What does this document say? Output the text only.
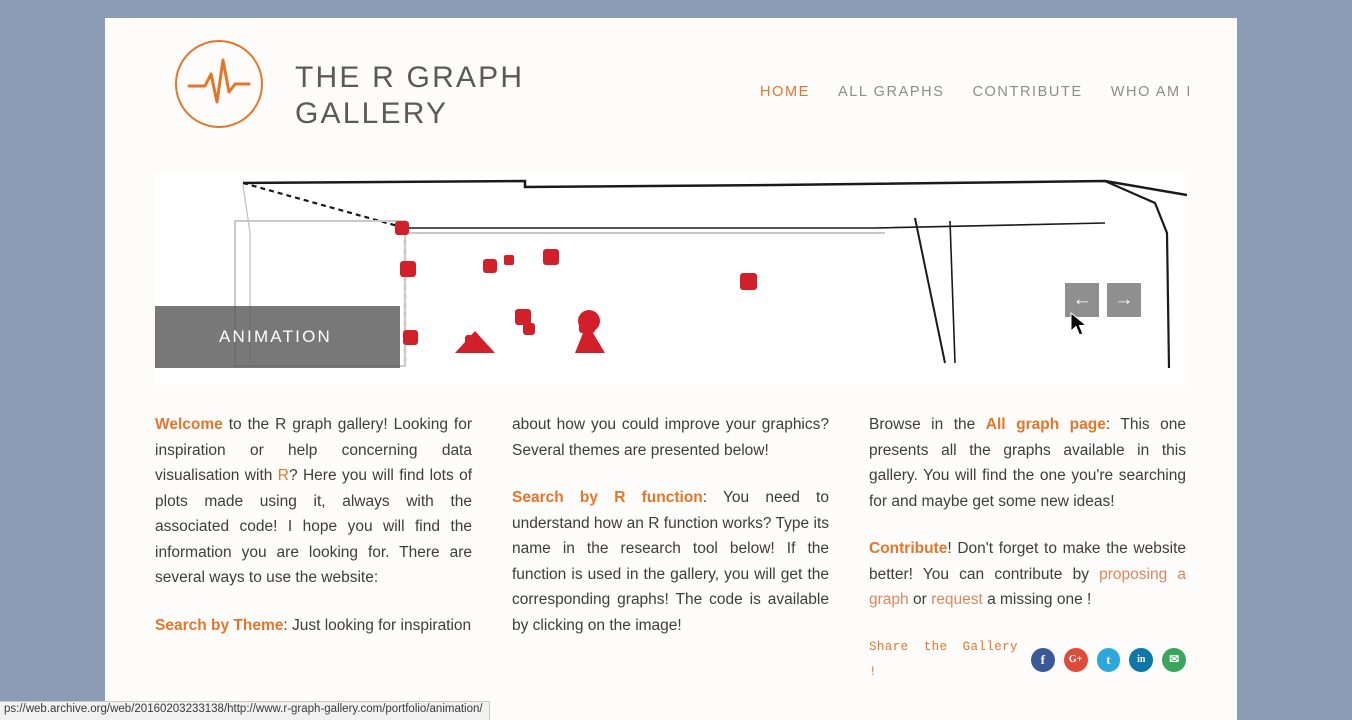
THE R GRAPH
GALLERY
HOME ALL GRAPHS CONTRIBUTE WHO AM I
ANIMATION
←	→

Welcome to the R graph gallery! Looking for inspiration or help concerning data visualisation with R? Here you will find lots of plots made using it, always with the associated code! I hope you will find the information you are looking for. There are several ways to use the website:

Search by Theme: Just looking for inspiration

about how you could improve your graphics? Several themes are presented below!

Search by R function: You need to understand how an R function works? Type its name in the research tool below! If the function is used in the gallery, you will get the corresponding graphs! The code is available by clicking on the image!

Browse in the All graph page: This one presents all the graphs available in this gallery. You will find the one you're searching for and maybe get some new ideas!

Contribute! Don't forget to make the website better! You can contribute by proposing a graph or request a missing one !

Share the Gallery !
f	G+	t	in	✉
ps://web.archive.org/web/20160203233138/http://www.r-graph-gallery.com/portfolio/animation/
